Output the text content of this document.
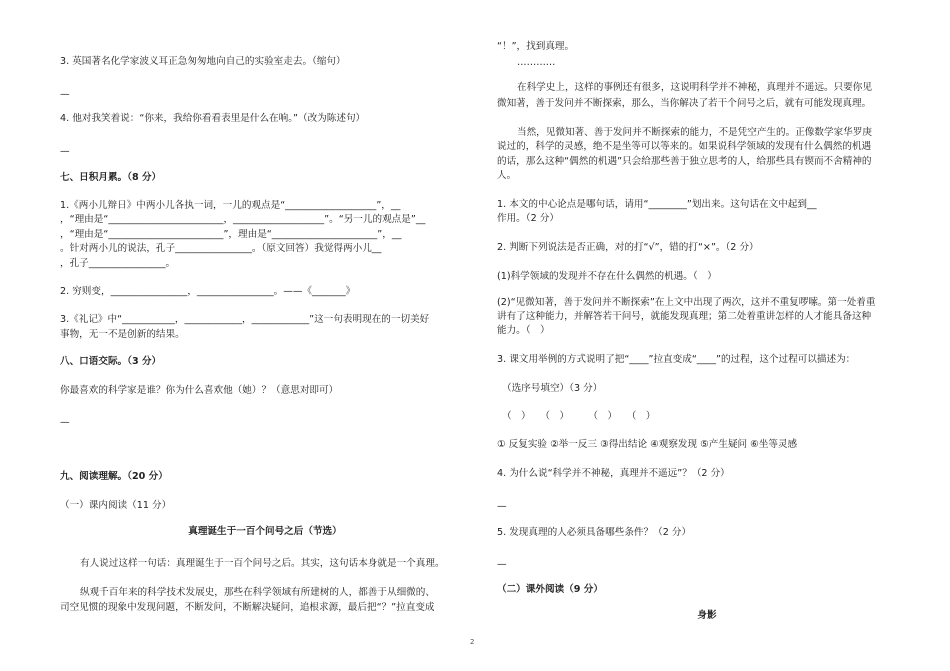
3. 英国著名化学家波义耳正急匆匆地向自己的实验室走去。（缩句）
—
4. 他对我笑着说：“你来，我给你看看表里是什么在响。”（改为陈述句）
—
七、日积月累。（8 分）
1.《两小儿辩日》中两小儿各执一词，一儿的观点是“___________________”，__
，“理由是“________________________，___________________”。“另一儿的观点是”__
，“理由是“________________________”，理由是“______________________”，__
。针对两小儿的说法，孔子________________。（原文回答）我觉得两小儿__
，孔子________________。
2. 穷则变，________________，________________。——《_______》
3.《礼记》中“___________，____________，____________”这一句表明现在的一切美好
事物，无一不是创新的结果。
八、口语交际。（3 分）
你最喜欢的科学家是谁？你为什么喜欢他（她）？（意思对即可）
—
九、阅读理解。（20 分）
（一）课内阅读（11 分）
真理诞生于一百个问号之后（节选）
有人说过这样一句话：真理诞生于一百个问号之后。其实，这句话本身就是一个真理。
纵观千百年来的科学技术发展史，那些在科学领域有所建树的人，都善于从细微的、
司空见惯的现象中发现问题，不断发问，不断解决疑问，追根求源，最后把“？”拉直变成
“！”，找到真理。
…………
在科学史上，这样的事例还有很多，这说明科学并不神秘，真理并不遥远。只要你见
微知著，善于发问并不断探索，那么，当你解决了若干个问号之后，就有可能发现真理。
当然，见微知著、善于发问并不断探索的能力，不是凭空产生的。正像数学家华罗庚
说过的，科学的灵感，绝不是坐等可以等来的。如果说科学领域的发现有什么偶然的机遇
的话，那么这种“偶然的机遇”只会给那些善于独立思考的人，给那些具有锲而不舍精神的
人。
1. 本文的中心论点是哪句话，请用“________”划出来。这句话在文中起到__
作用。（2 分）
2. 判断下列说法是否正确，对的打“√”，错的打“×”。（2 分）
(1)科学领域的发现并不存在什么偶然的机遇。（　）
(2)“见微知著，善于发问并不断探索”在上文中出现了两次，这并不重复啰嗦。第一处着重
讲有了这种能力，并解答若干问号，就能发现真理；第二处着重讲怎样的人才能具备这种
能力。（　）
3. 课文用举例的方式说明了把“____”拉直变成“____”的过程，这个过程可以描述为：
（选序号填空）（3 分）
（　）　　（　）　　　（　）　　（　）
① 反复实验 ②举一反三 ③得出结论 ④观察发现 ⑤产生疑问 ⑥坐等灵感
4. 为什么说“科学并不神秘，真理并不遥远”？（2 分）
—
5. 发现真理的人必须具备哪些条件？（2 分）
—
（二）课外阅读（9 分）
身影
2
